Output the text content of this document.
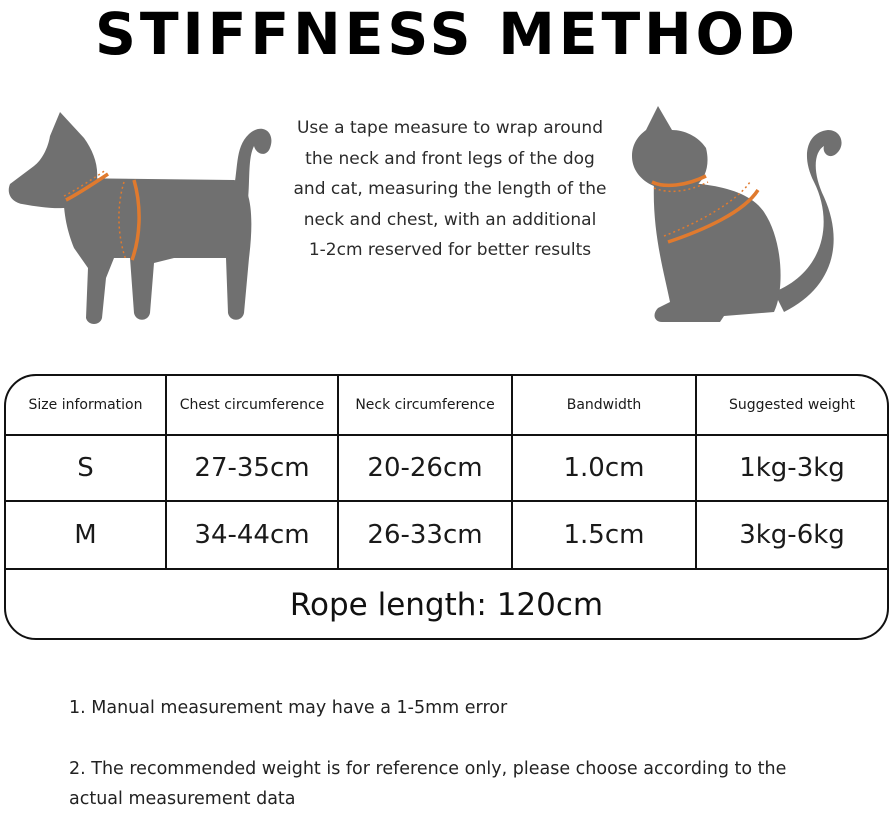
STIFFNESS METHOD
Use a tape measure to wrap around
the neck and front legs of the dog
and cat, measuring the length of the
neck and chest, with an additional
1-2cm reserved for better results
Size information	Chest circumference	Neck circumference	Bandwidth	Suggested weight
S	27-35cm	20-26cm	1.0cm	1kg-3kg
M	34-44cm	26-33cm	1.5cm	3kg-6kg
Rope length: 120cm
1. Manual measurement may have a 1-5mm error
2. The recommended weight is for reference only, please choose according to the actual measurement data
